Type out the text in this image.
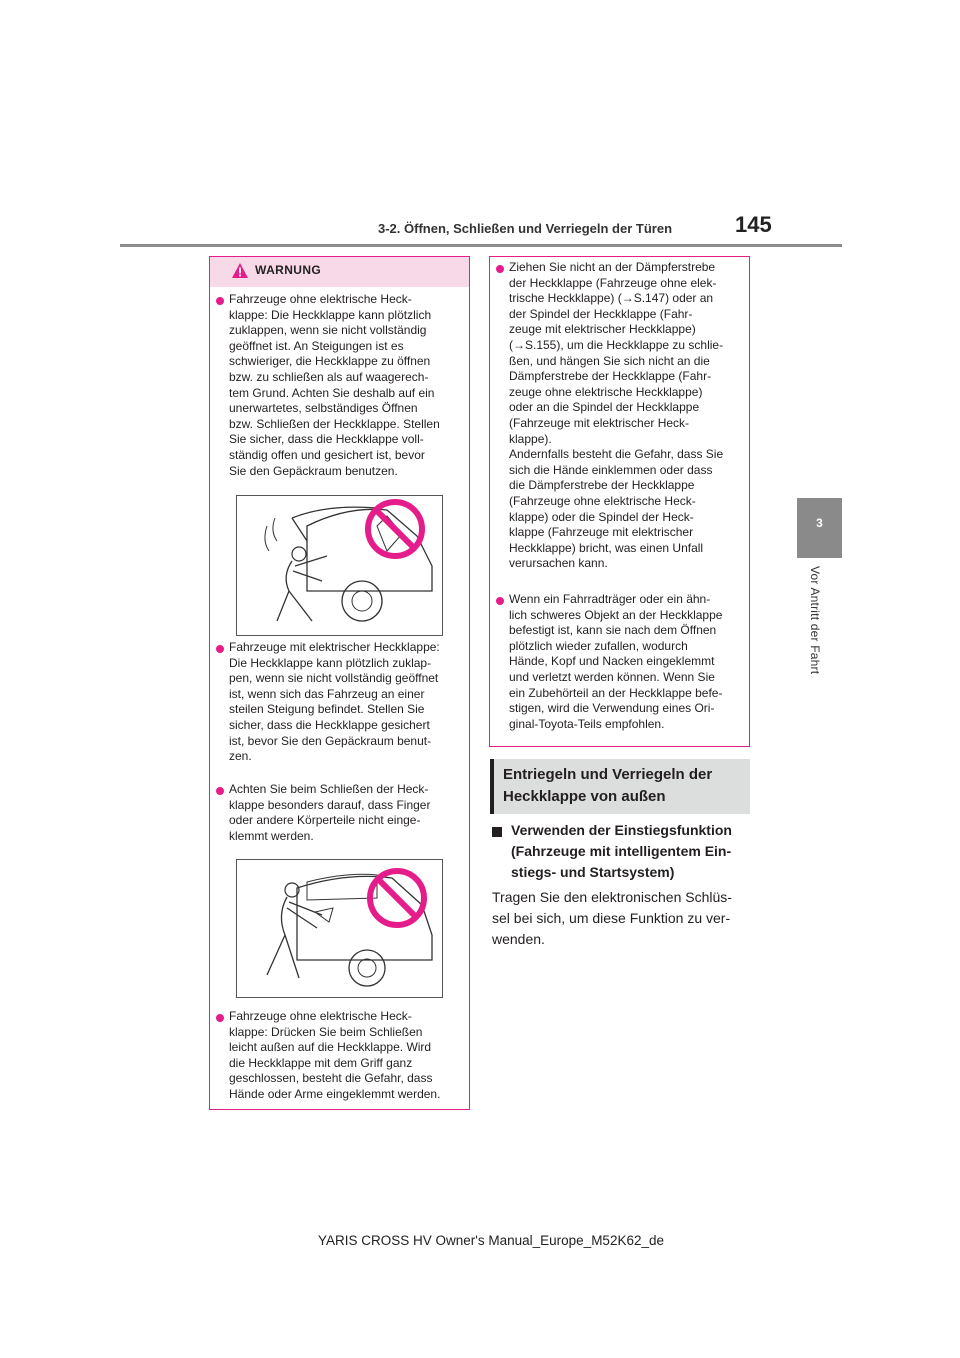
3-2. Öffnen, Schließen und Verriegeln der Türen	145
3
Vor Antritt der Fahrt
WARNUNG
Fahrzeuge ohne elektrische Heck-
klappe: Die Heckklappe kann plötzlich
zuklappen, wenn sie nicht vollständig
geöffnet ist. An Steigungen ist es
schwieriger, die Heckklappe zu öffnen
bzw. zu schließen als auf waagerech-
tem Grund. Achten Sie deshalb auf ein
unerwartetes, selbständiges Öffnen
bzw. Schließen der Heckklappe. Stellen
Sie sicher, dass die Heckklappe voll-
ständig offen und gesichert ist, bevor
Sie den Gepäckraum benutzen.
Fahrzeuge mit elektrischer Heckklappe:
Die Heckklappe kann plötzlich zuklap-
pen, wenn sie nicht vollständig geöffnet
ist, wenn sich das Fahrzeug an einer
steilen Steigung befindet. Stellen Sie
sicher, dass die Heckklappe gesichert
ist, bevor Sie den Gepäckraum benut-
zen.
Achten Sie beim Schließen der Heck-
klappe besonders darauf, dass Finger
oder andere Körperteile nicht einge-
klemmt werden.
Fahrzeuge ohne elektrische Heck-
klappe: Drücken Sie beim Schließen
leicht außen auf die Heckklappe. Wird
die Heckklappe mit dem Griff ganz
geschlossen, besteht die Gefahr, dass
Hände oder Arme eingeklemmt werden.
Ziehen Sie nicht an der Dämpferstrebe
der Heckklappe (Fahrzeuge ohne elek-
trische Heckklappe) (→S.147) oder an
der Spindel der Heckklappe (Fahr-
zeuge mit elektrischer Heckklappe)
(→S.155), um die Heckklappe zu schlie-
ßen, und hängen Sie sich nicht an die
Dämpferstrebe der Heckklappe (Fahr-
zeuge ohne elektrische Heckklappe)
oder an die Spindel der Heckklappe
(Fahrzeuge mit elektrischer Heck-
klappe).
Andernfalls besteht die Gefahr, dass Sie
sich die Hände einklemmen oder dass
die Dämpferstrebe der Heckklappe
(Fahrzeuge ohne elektrische Heck-
klappe) oder die Spindel der Heck-
klappe (Fahrzeuge mit elektrischer
Heckklappe) bricht, was einen Unfall
verursachen kann.
Wenn ein Fahrradträger oder ein ähn-
lich schweres Objekt an der Heckklappe
befestigt ist, kann sie nach dem Öffnen
plötzlich wieder zufallen, wodurch
Hände, Kopf und Nacken eingeklemmt
und verletzt werden können. Wenn Sie
ein Zubehörteil an der Heckklappe befe-
stigen, wird die Verwendung eines Ori-
ginal-Toyota-Teils empfohlen.
Entriegeln und Verriegeln der Heckklappe von außen
Verwenden der Einstiegsfunktion (Fahrzeuge mit intelligentem Ein-stiegs- und Startsystem)
Tragen Sie den elektronischen Schlüs-
sel bei sich, um diese Funktion zu ver-
wenden.
YARIS CROSS HV Owner's Manual_Europe_M52K62_de
